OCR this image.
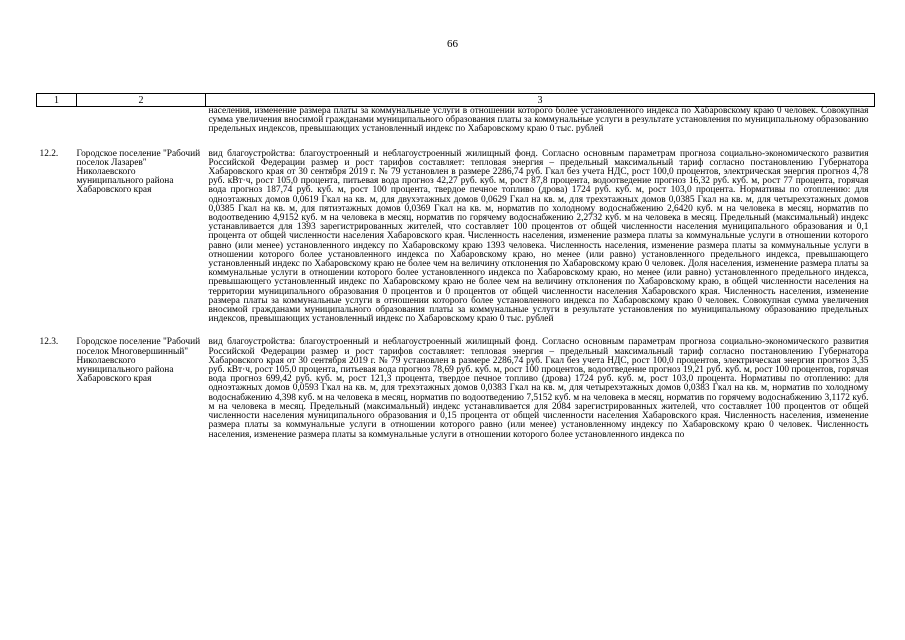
66
1	2	3
		населения, изменение размера платы за коммунальные услуги в отношении которого более установленного индекса по Хабаровскому краю 0 человек. Совокупная сумма увеличения вносимой гражданами муниципального образования платы за коммунальные услуги в результате установления по муниципальному образованию предельных индексов, превышающих установленный индекс по Хабаровскому краю 0 тыс. рублей
12.2.	Городское поселение "Рабочий поселок Лазарев" Николаевского муниципального района Хабаровского края	вид благоустройства: благоустроенный и неблагоустроенный жилищный фонд. Согласно основным параметрам прогноза социально-экономического развития Российской Федерации размер и рост тарифов составляет: тепловая энергия – предельный максимальный тариф согласно постановлению Губернатора Хабаровского края от 30 сентября 2019 г. № 79 установлен в размере 2286,74 руб. Гкал без учета НДС, рост 100,0 процентов, электрическая энергия прогноз 4,78 руб. кВт·ч, рост 105,0 процента, питьевая вода прогноз 42,27 руб. куб. м, рост 87,8 процента, водоотведение прогноз 16,32 руб. куб. м, рост 77 процента, горячая вода прогноз 187,74 руб. куб. м, рост 100 процента, твердое печное топливо (дрова) 1724 руб. куб. м, рост 103,0 процента. Нормативы по отоплению: для одноэтажных домов 0,0619 Гкал на кв. м, для двухэтажных домов 0,0629 Гкал на кв. м, для трехэтажных домов 0,0385 Гкал на кв. м, для четырехэтажных домов 0,0385 Гкал на кв. м, для пятиэтажных домов 0,0369 Гкал на кв. м, норматив по холодному водоснабжению 2,6420 куб. м на человека в месяц, норматив по водоотведению 4,9152 куб. м на человека в месяц, норматив по горячему водоснабжению 2,2732 куб. м на человека в месяц. Предельный (максимальный) индекс устанавливается для 1393 зарегистрированных жителей, что составляет 100 процентов от общей численности населения муниципального образования и 0,1 процента от общей численности населения Хабаровского края. Численность населения, изменение размера платы за коммунальные услуги в отношении которого равно (или менее) установленного индексу по Хабаровскому краю 1393 человека. Численность населения, изменение размера платы за коммунальные услуги в отношении которого более установленного индекса по Хабаровскому краю, но менее (или равно) установленного предельного индекса, превышающего установленный индекс по Хабаровскому краю не более чем на величину отклонения по Хабаровскому краю 0 человек. Доля населения, изменение размера платы за коммунальные услуги в отношении которого более установленного индекса по Хабаровскому краю, но менее (или равно) установленного предельного индекса, превышающего установленный индекс по Хабаровскому краю не более чем на величину отклонения по Хабаровскому краю, в общей численности населения на территории муниципального образования 0 процентов и 0 процентов от общей численности населения Хабаровского края. Численность населения, изменение размера платы за коммунальные услуги в отношении которого более установленного индекса по Хабаровскому краю 0 человек. Совокупная сумма увеличения вносимой гражданами муниципального образования платы за коммунальные услуги в результате установления по муниципальному образованию предельных индексов, превышающих установленный индекс по Хабаровскому краю 0 тыс. рублей
12.3.	Городское поселение "Рабочий поселок Многовершинный" Николаевского муниципального района Хабаровского края	вид благоустройства: благоустроенный и неблагоустроенный жилищный фонд. Согласно основным параметрам прогноза социально-экономического развития Российской Федерации размер и рост тарифов составляет: тепловая энергия – предельный максимальный тариф согласно постановлению Губернатора Хабаровского края от 30 сентября 2019 г. № 79 установлен в размере 2286,74 руб. Гкал без учета НДС, рост 100,0 процентов, электрическая энергия прогноз 3,35 руб. кВт·ч, рост 105,0 процента, питьевая вода прогноз 78,69 руб. куб. м, рост 100 процентов, водоотведение прогноз 19,21 руб. куб. м, рост 100 процентов, горячая вода прогноз 699,42 руб. куб. м, рост 121,3 процента, твердое печное топливо (дрова) 1724 руб. куб. м, рост 103,0 процента. Нормативы по отоплению: для одноэтажных домов 0,0593 Гкал на кв. м, для трехэтажных домов 0,0383 Гкал на кв. м, для четырехэтажных домов 0,0383 Гкал на кв. м, норматив по холодному водоснабжению 4,398 куб. м на человека в месяц, норматив по водоотведению 7,5152 куб. м на человека в месяц, норматив по горячему водоснабжению 3,1172 куб. м на человека в месяц. Предельный (максимальный) индекс устанавливается для 2084 зарегистрированных жителей, что составляет 100 процентов от общей численности населения муниципального образования и 0,15 процента от общей численности населения Хабаровского края. Численность населения, изменение размера платы за коммунальные услуги в отношении которого равно (или менее) установленному индексу по Хабаровскому краю 0 человек. Численность населения, изменение размера платы за коммунальные услуги в отношении которого более установленного индекса по
